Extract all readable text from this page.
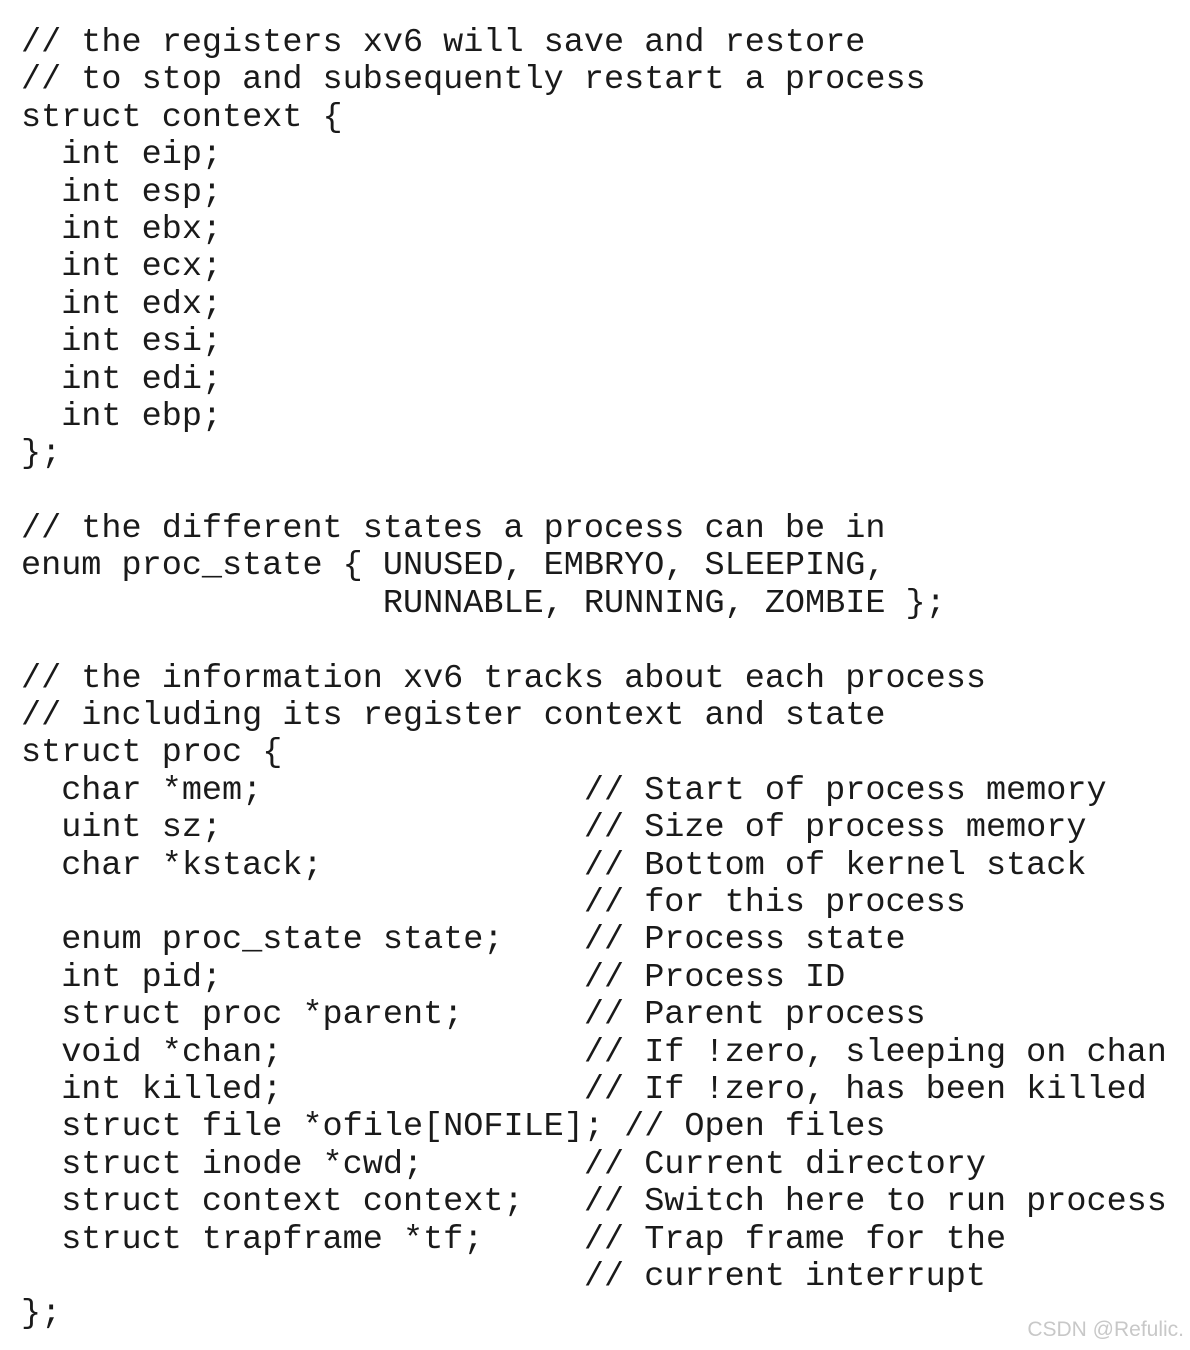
// the registers xv6 will save and restore
// to stop and subsequently restart a process
struct context {
int eip;
int esp;
int ebx;
int ecx;
int edx;
int esi;
int edi;
int ebp;
};
// the different states a process can be in
enum proc_state { UNUSED, EMBRYO, SLEEPING,
RUNNABLE, RUNNING, ZOMBIE };
// the information xv6 tracks about each process
// including its register context and state
struct proc {
char *mem;                // Start of process memory
uint sz;                  // Size of process memory
char *kstack;             // Bottom of kernel stack
// for this process
enum proc_state state;    // Process state
int pid;                  // Process ID
struct proc *parent;      // Parent process
void *chan;               // If !zero, sleeping on chan
int killed;               // If !zero, has been killed
struct file *ofile[NOFILE]; // Open files
struct inode *cwd;        // Current directory
struct context context;   // Switch here to run process
struct trapframe *tf;     // Trap frame for the
// current interrupt
};	CSDN @Refulic.
